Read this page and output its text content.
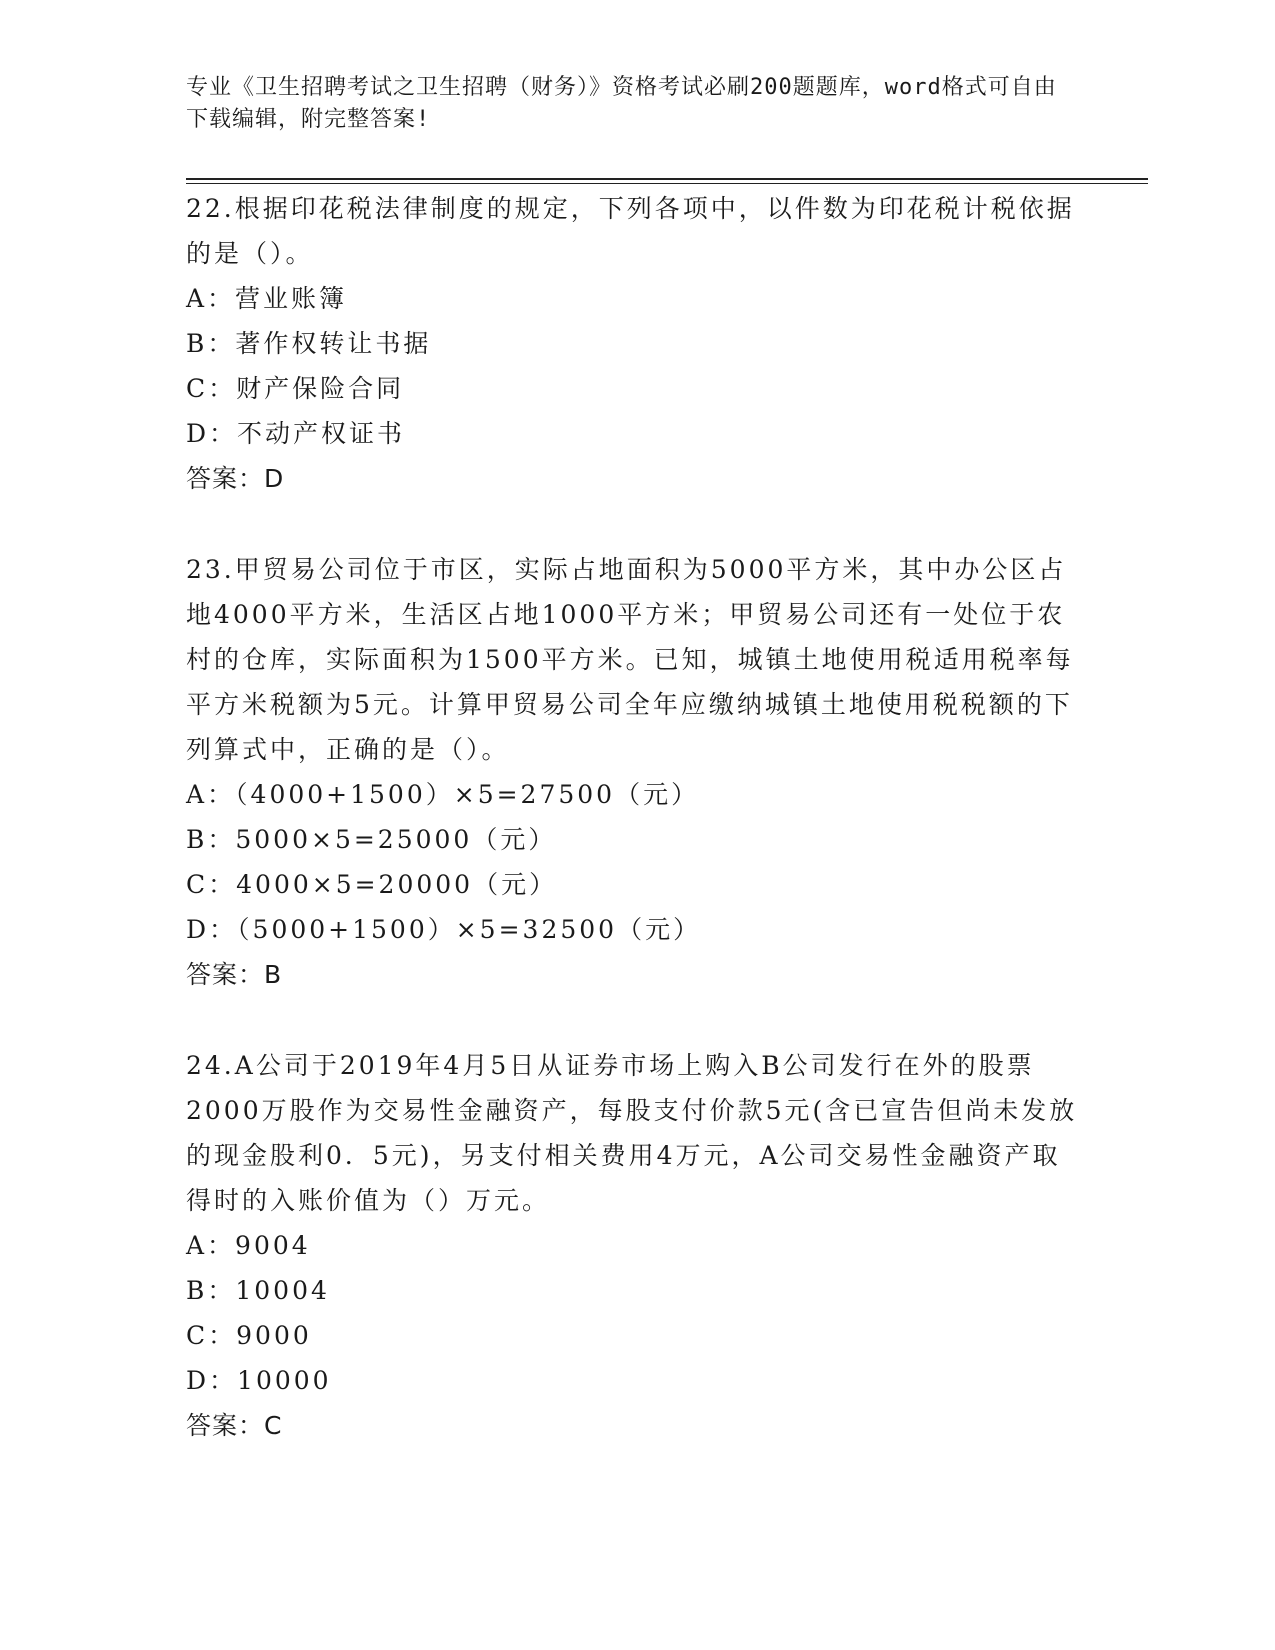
专业《卫生招聘考试之卫生招聘（财务）》资格考试必刷200题题库，word格式可自由下载编辑，附完整答案!

22.根据印花税法律制度的规定，下列各项中，以件数为印花税计税依据的是（）。

A：营业账簿

B：著作权转让书据

C：财产保险合同

D：不动产权证书

答案：D

23.甲贸易公司位于市区，实际占地面积为5000平方米，其中办公区占地4000平方米，生活区占地1000平方米；甲贸易公司还有一处位于农村的仓库，实际面积为1500平方米。已知，城镇土地使用税适用税率每平方米税额为5元。计算甲贸易公司全年应缴纳城镇土地使用税税额的下列算式中，正确的是（）。

A：（4000+1500）×5=27500（元）

B：5000×5=25000（元）

C：4000×5=20000（元）

D：（5000+1500）×5=32500（元）

答案：B

24.A公司于2019年4月5日从证券市场上购入B公司发行在外的股票2000万股作为交易性金融资产，每股支付价款5元(含已宣告但尚未发放的现金股利0．5元)，另支付相关费用4万元，A公司交易性金融资产取得时的入账价值为（）万元。

A：9004

B：10004

C：9000

D：10000

答案：C
